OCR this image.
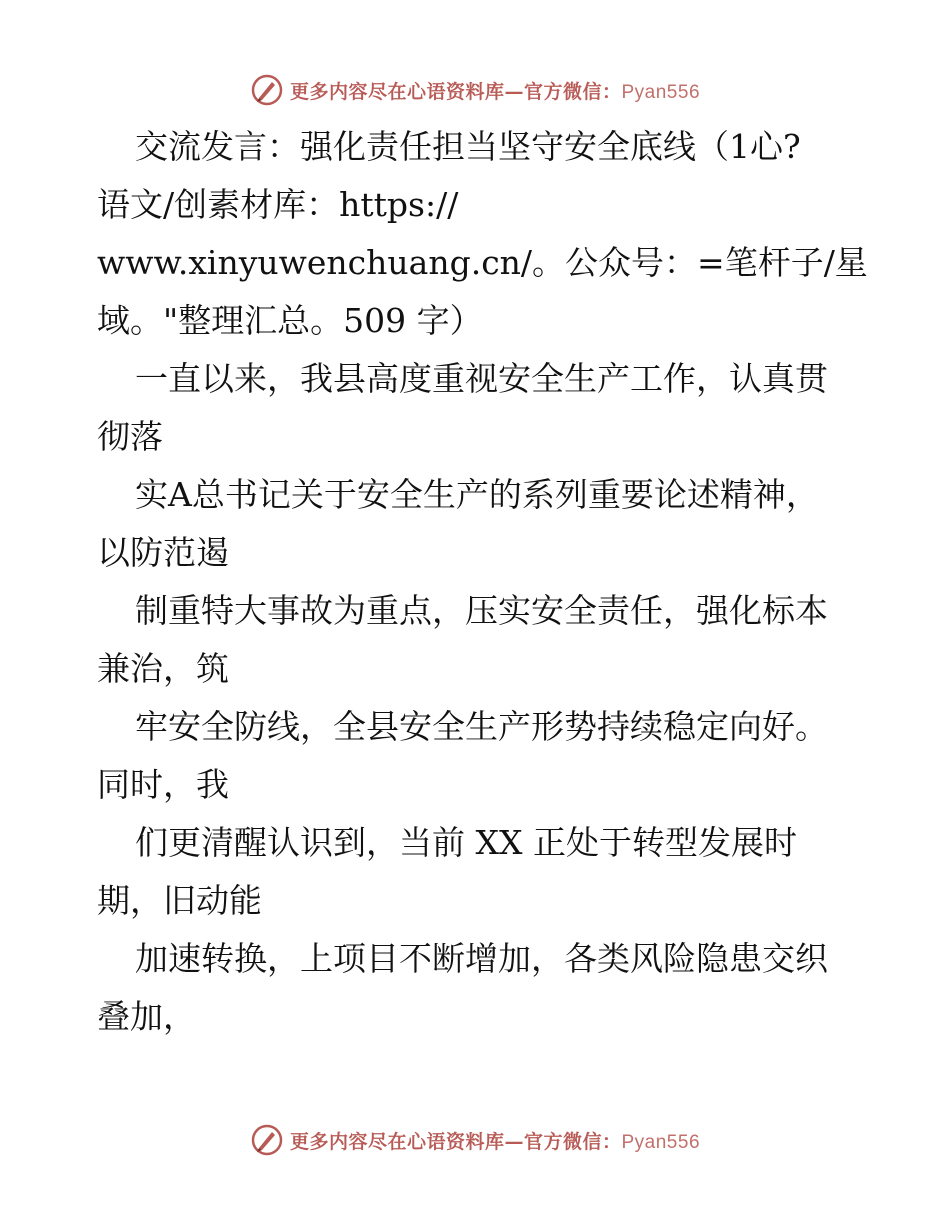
更多内容尽在心语资料库—官方微信：Pyan556
交流发言：强化责任担当坚守安全底线（1心?
语文/创素材库：https://
www.xinyuwenchuang.cn/。公众号：=笔杆子/星
域。"整理汇总。509 字）
一直以来，我县高度重视安全生产工作，认真贯
彻落
实A总书记关于安全生产的系列重要论述精神，
以防范遏
制重特大事故为重点，压实安全责任，强化标本
兼治，筑
牢安全防线，全县安全生产形势持续稳定向好。
同时，我
们更清醒认识到，当前 XX 正处于转型发展时
期，旧动能
加速转换，上项目不断增加，各类风险隐患交织
叠加，
更多内容尽在心语资料库—官方微信：Pyan556
